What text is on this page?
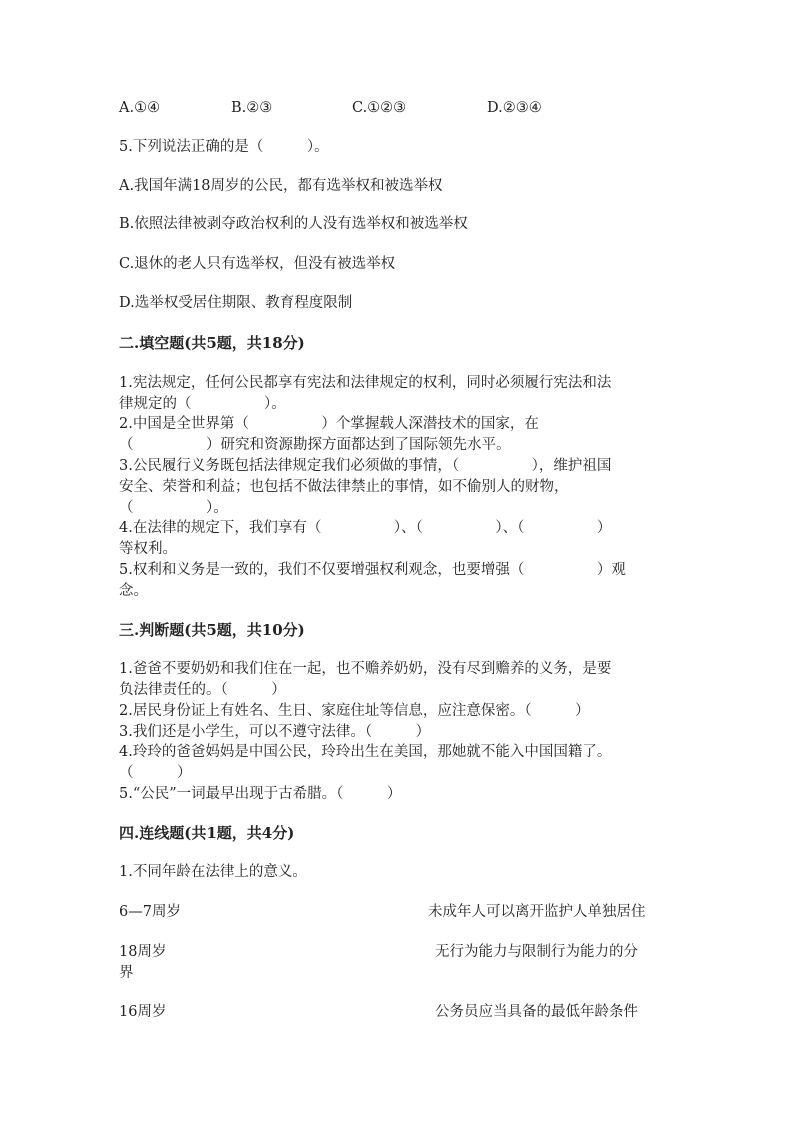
A.①④	B.②③	C.①②③	D.②③④
5.下列说法正确的是（　　　）。
A.我国年满18周岁的公民，都有选举权和被选举权
B.依照法律被剥夺政治权利的人没有选举权和被选举权
C.退休的老人只有选举权，但没有被选举权
D.选举权受居住期限、教育程度限制
二.填空题(共5题，共18分)
1.宪法规定，任何公民都享有宪法和法律规定的权利，同时必须履行宪法和法
律规定的（　　　　　）。
2.中国是全世界第（　　　　　）个掌握载人深潜技术的国家，在
（　　　　　）研究和资源勘探方面都达到了国际领先水平。
3.公民履行义务既包括法律规定我们必须做的事情，（　　　　　），维护祖国
安全、荣誉和利益；也包括不做法律禁止的事情，如不偷别人的财物，
（　　　　　）。
4.在法律的规定下，我们享有（　　　　　）、（　　　　　）、（　　　　　）
等权利。
5.权利和义务是一致的，我们不仅要增强权利观念，也要增强（　　　　　）观
念。
三.判断题(共5题，共10分)
1.爸爸不要奶奶和我们住在一起，也不赡养奶奶，没有尽到赡养的义务，是要
负法律责任的。（　　　）
2.居民身份证上有姓名、生日、家庭住址等信息，应注意保密。（　　　）
3.我们还是小学生，可以不遵守法律。（　　　）
4.玲玲的爸爸妈妈是中国公民，玲玲出生在美国，那她就不能入中国国籍了。
（　　　）
5.“公民”一词最早出现于古希腊。（　　　）
四.连线题(共1题，共4分)
1.不同年龄在法律上的意义。
6—7周岁	未成年人可以离开监护人单独居住
18周岁	无行为能力与限制行为能力的分
界
16周岁	公务员应当具备的最低年龄条件
